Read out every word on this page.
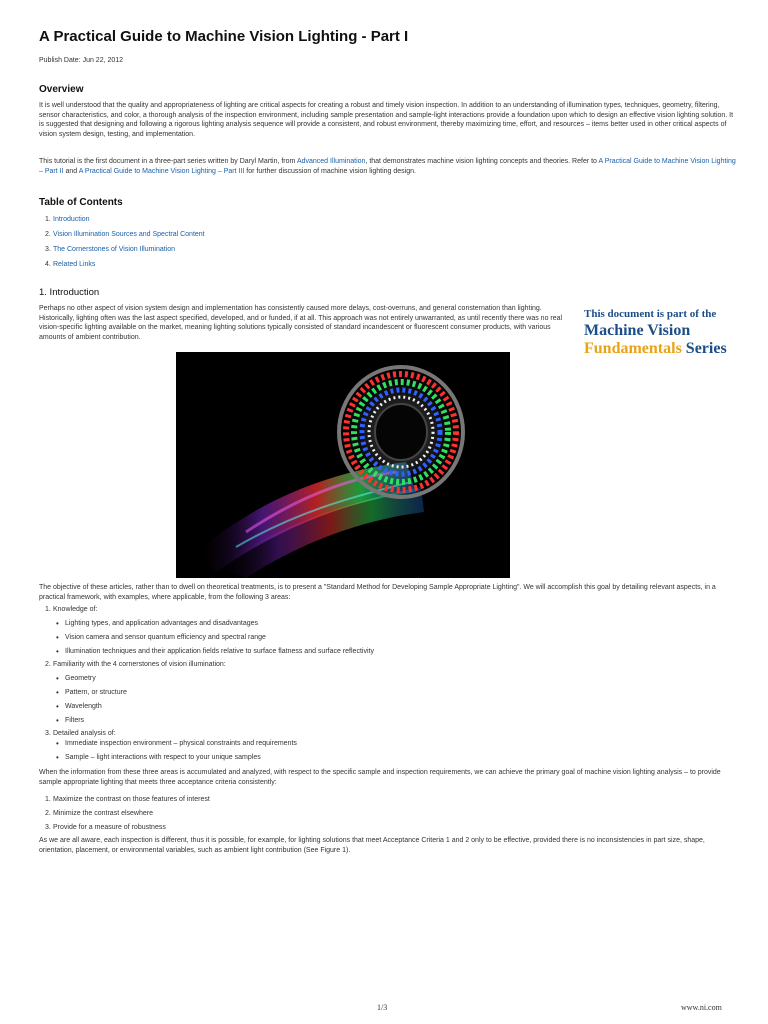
A Practical Guide to Machine Vision Lighting - Part I
Publish Date: Jun 22, 2012
Overview

It is well understood that the quality and appropriateness of lighting are critical aspects for creating a robust and timely vision inspection. In addition to an understanding of illumination types, techniques, geometry, filtering, sensor characteristics, and color, a thorough analysis of the inspection environment, including sample presentation and sample-light interactions provide a foundation upon which to design an effective vision lighting solution. It is suggested that designing and following a rigorous lighting analysis sequence will provide a consistent, and robust environment, thereby maximizing time, effort, and resources – items better used in other critical aspects of vision system design, testing, and implementation.

This tutorial is the first document in a three-part series written by Daryl Martin, from Advanced Illumination, that demonstrates machine vision lighting concepts and theories. Refer to A Practical Guide to Machine Vision Lighting – Part II and A Practical Guide to Machine Vision Lighting – Part III for further discussion of machine vision lighting design.

Table of Contents
1. Introduction
2. Vision Illumination Sources and Spectral Content
3. The Cornerstones of Vision Illumination
4. Related Links
1. Introduction

Perhaps no other aspect of vision system design and implementation has consistently caused more delays, cost-overruns, and general consternation than lighting. Historically, lighting often was the last aspect specified, developed, and or funded, if at all. This approach was not entirely unwarranted, as until recently there was no real vision-specific lighting available on the market, meaning lighting solutions typically consisted of standard incandescent or fluorescent consumer products, with various amounts of ambient contribution.

This document is part of the
Machine Vision
Fundamentals Series

The objective of these articles, rather than to dwell on theoretical treatments, is to present a "Standard Method for Developing Sample Appropriate Lighting". We will accomplish this goal by detailing relevant aspects, in a practical framework, with examples, where applicable, from the following 3 areas:

1. Knowledge of:
• Lighting types, and application advantages and disadvantages
• Vision camera and sensor quantum efficiency and spectral range
• Illumination techniques and their application fields relative to surface flatness and surface reflectivity
2. Familiarity with the 4 cornerstones of vision illumination:
• Geometry
• Pattern, or structure
• Wavelength
• Filters
3. Detailed analysis of:
• Immediate inspection environment – physical constraints and requirements
• Sample – light interactions with respect to your unique samples

When the information from these three areas is accumulated and analyzed, with respect to the specific sample and inspection requirements, we can achieve the primary goal of machine vision lighting analysis – to provide sample appropriate lighting that meets three acceptance criteria consistently:

1. Maximize the contrast on those features of interest
2. Minimize the contrast elsewhere
3. Provide for a measure of robustness

As we are all aware, each inspection is different, thus it is possible, for example, for lighting solutions that meet Acceptance Criteria 1 and 2 only to be effective, provided there is no inconsistencies in part size, shape, orientation, placement, or environmental variables, such as ambient light contribution (See Figure 1).

1/3	www.ni.com
